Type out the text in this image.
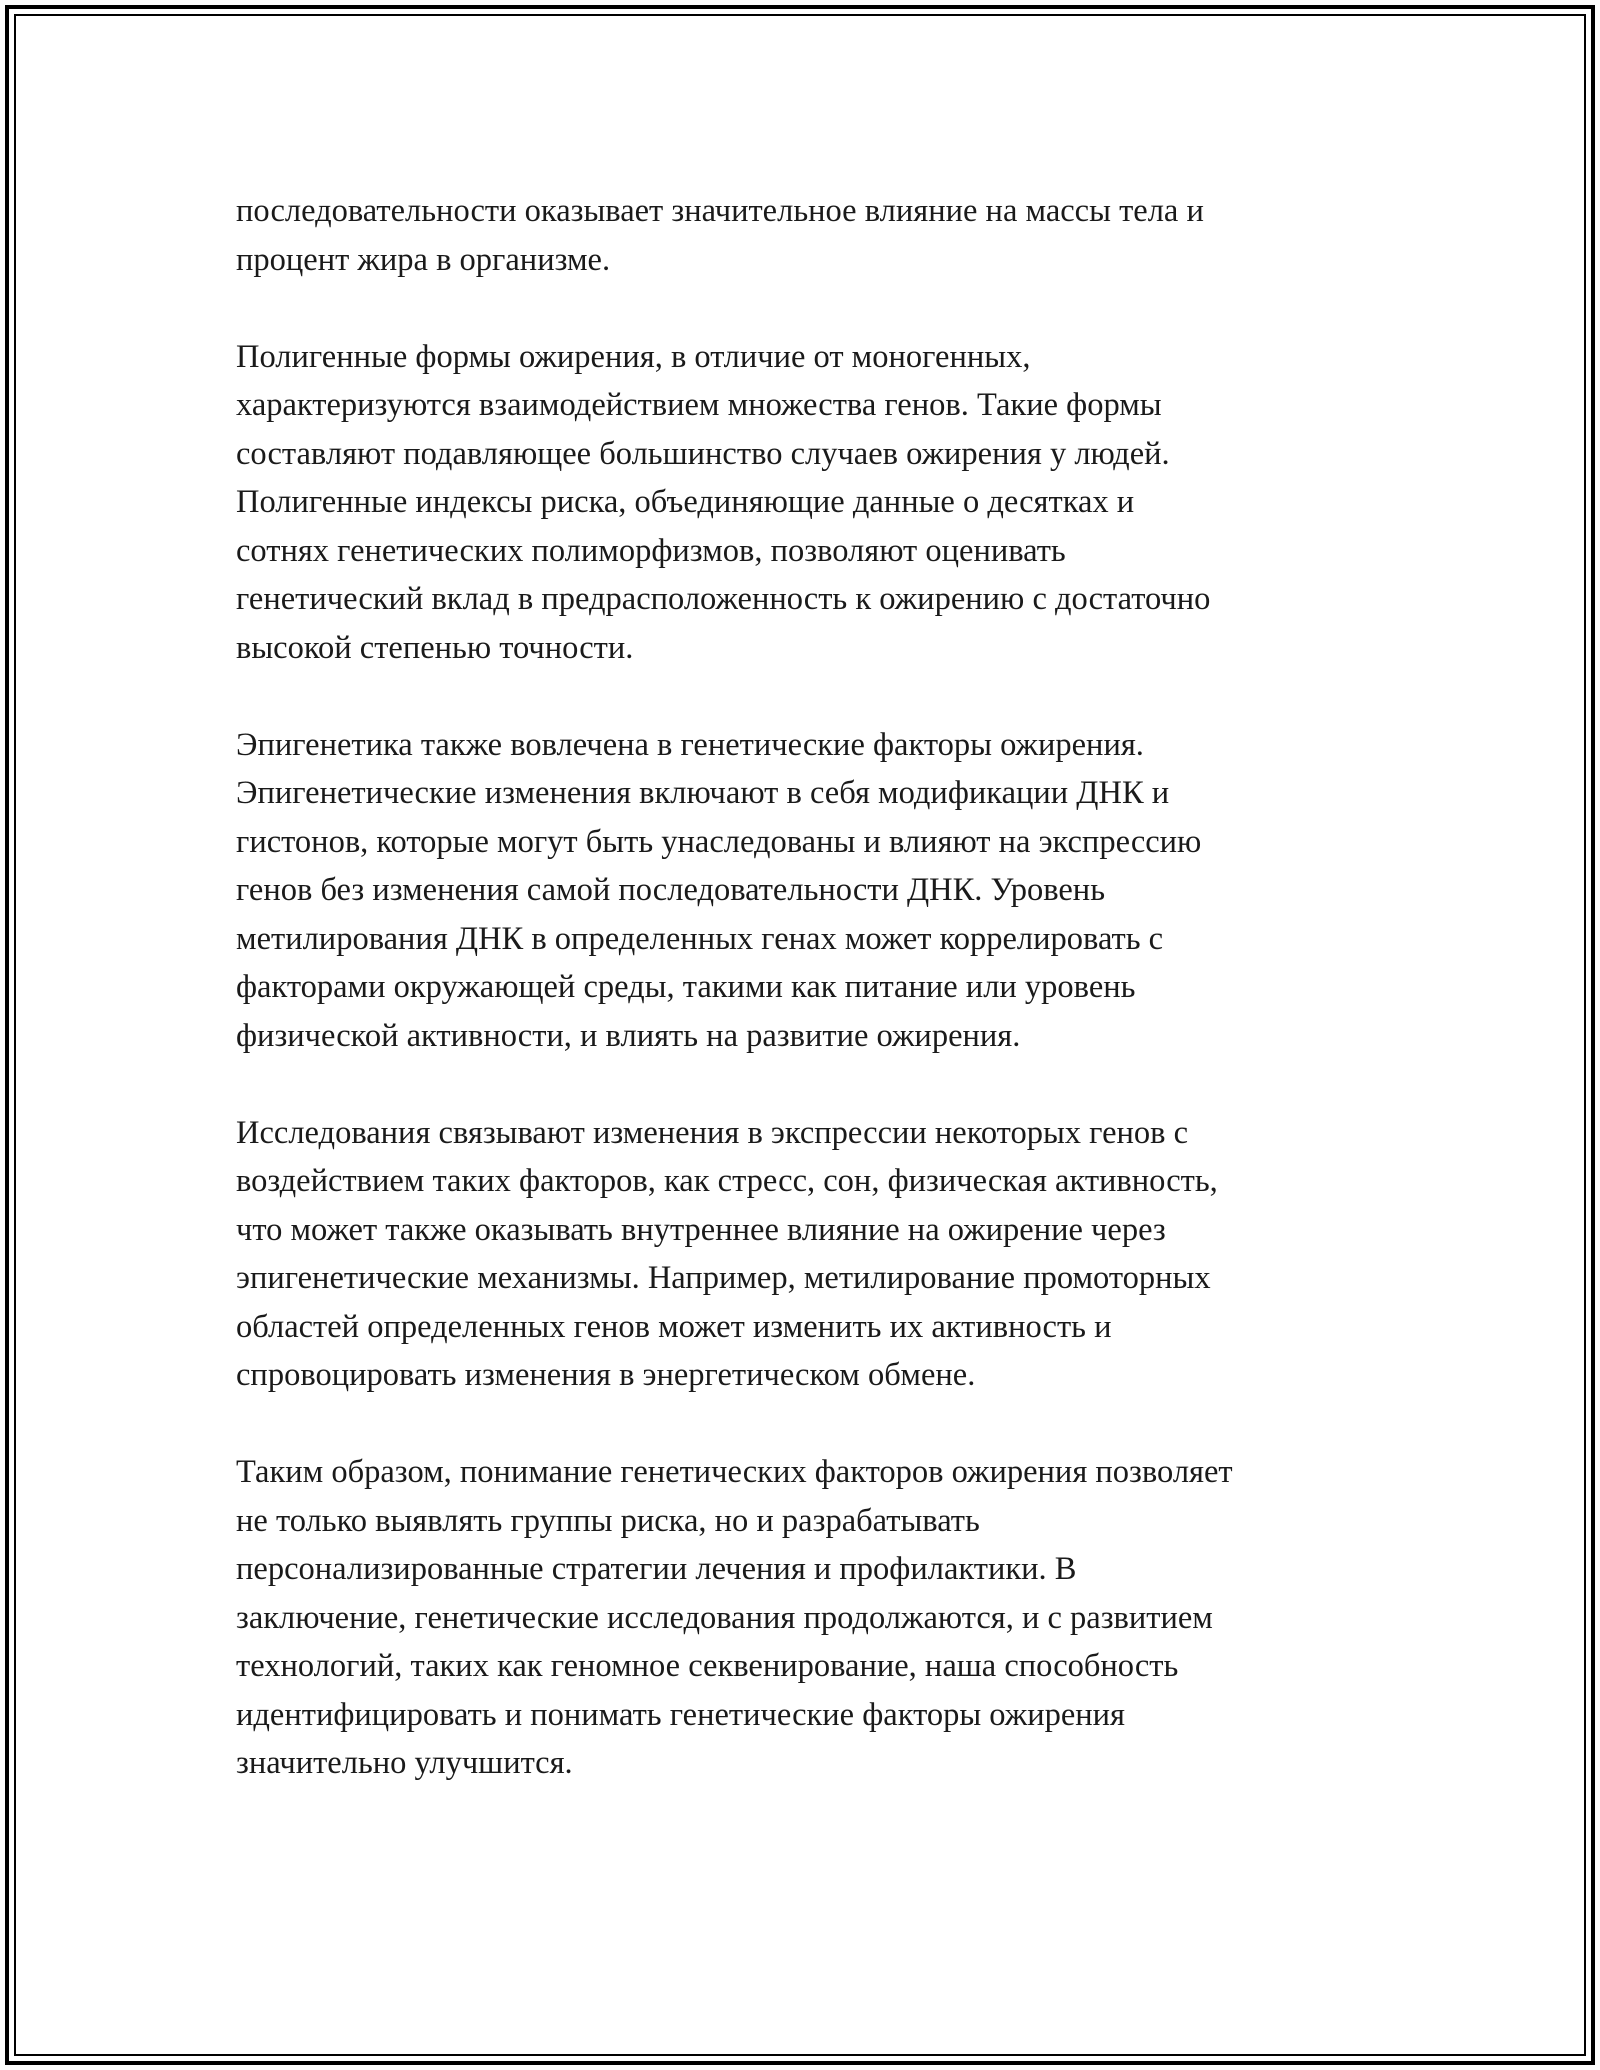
последовательности оказывает значительное влияние на массы тела и
процент жира в организме.

Полигенные формы ожирения, в отличие от моногенных,
характеризуются взаимодействием множества генов. Такие формы
составляют подавляющее большинство случаев ожирения у людей.
Полигенные индексы риска, объединяющие данные о десятках и
сотнях генетических полиморфизмов, позволяют оценивать
генетический вклад в предрасположенность к ожирению с достаточно
высокой степенью точности.

Эпигенетика также вовлечена в генетические факторы ожирения.
Эпигенетические изменения включают в себя модификации ДНК и
гистонов, которые могут быть унаследованы и влияют на экспрессию
генов без изменения самой последовательности ДНК. Уровень
метилирования ДНК в определенных генах может коррелировать с
факторами окружающей среды, такими как питание или уровень
физической активности, и влиять на развитие ожирения.

Исследования связывают изменения в экспрессии некоторых генов с
воздействием таких факторов, как стресс, сон, физическая активность,
что может также оказывать внутреннее влияние на ожирение через
эпигенетические механизмы. Например, метилирование промоторных
областей определенных генов может изменить их активность и
спровоцировать изменения в энергетическом обмене.

Таким образом, понимание генетических факторов ожирения позволяет
не только выявлять группы риска, но и разрабатывать
персонализированные стратегии лечения и профилактики. В
заключение, генетические исследования продолжаются, и с развитием
технологий, таких как геномное секвенирование, наша способность
идентифицировать и понимать генетические факторы ожирения
значительно улучшится.
